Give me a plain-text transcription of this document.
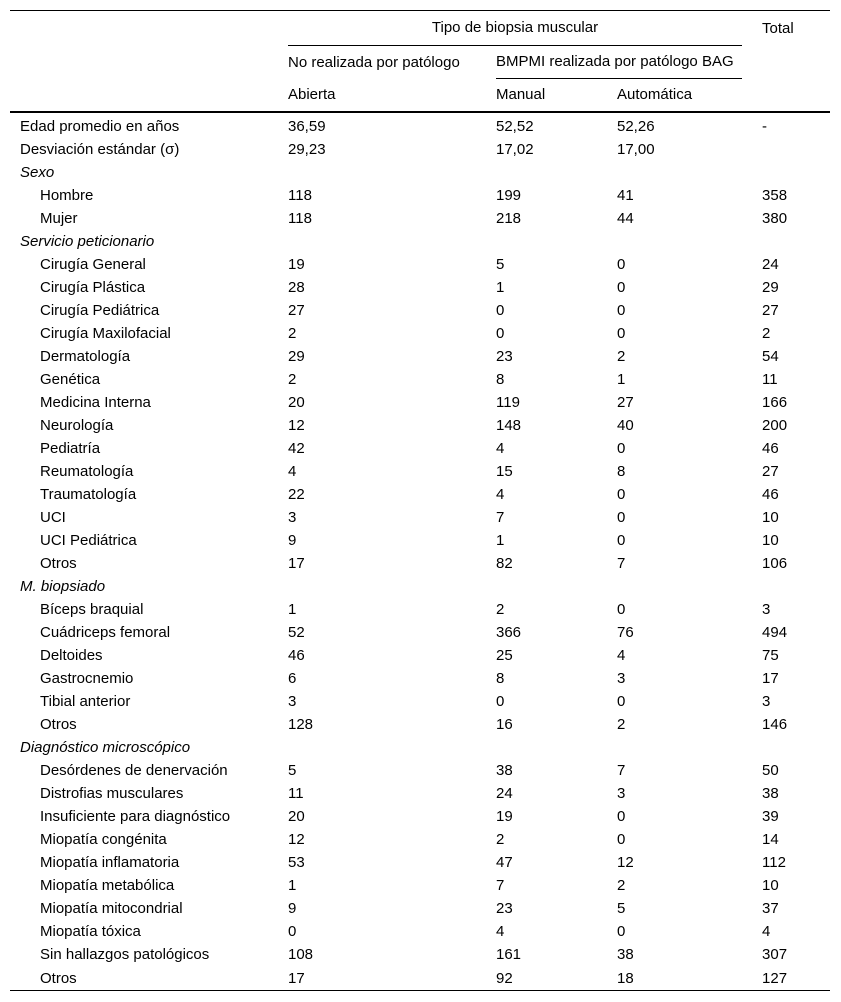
	Tipo de biopsia muscular			Total

	No realizada por patólogo	BMPMI realizada por patólogo BAG		

	Abierta	Manual	Automática	
Edad promedio en años	36,59	52,52	52,26	-
Desviación estándar (σ)	29,23	17,02	17,00	
Sexo				
Hombre	118	199	41	358
Mujer	118	218	44	380
Servicio peticionario				
Cirugía General	19	5	0	24
Cirugía Plástica	28	1	0	29
Cirugía Pediátrica	27	0	0	27
Cirugía Maxilofacial	2	0	0	2
Dermatología	29	23	2	54
Genética	2	8	1	11
Medicina Interna	20	119	27	166
Neurología	12	148	40	200
Pediatría	42	4	0	46
Reumatología	4	15	8	27
Traumatología	22	4	0	46
UCI	3	7	0	10
UCI Pediátrica	9	1	0	10
Otros	17	82	7	106
M. biopsiado				
Bíceps braquial	1	2	0	3
Cuádriceps femoral	52	366	76	494
Deltoides	46	25	4	75
Gastrocnemio	6	8	3	17
Tibial anterior	3	0	0	3
Otros	128	16	2	146
Diagnóstico microscópico				
Desórdenes de denervación	5	38	7	50
Distrofias musculares	11	24	3	38
Insuficiente para diagnóstico	20	19	0	39
Miopatía congénita	12	2	0	14
Miopatía inflamatoria	53	47	12	112
Miopatía metabólica	1	7	2	10
Miopatía mitocondrial	9	23	5	37
Miopatía tóxica	0	4	0	4
Sin hallazgos patológicos	108	161	38	307
Otros	17	92	18	127
